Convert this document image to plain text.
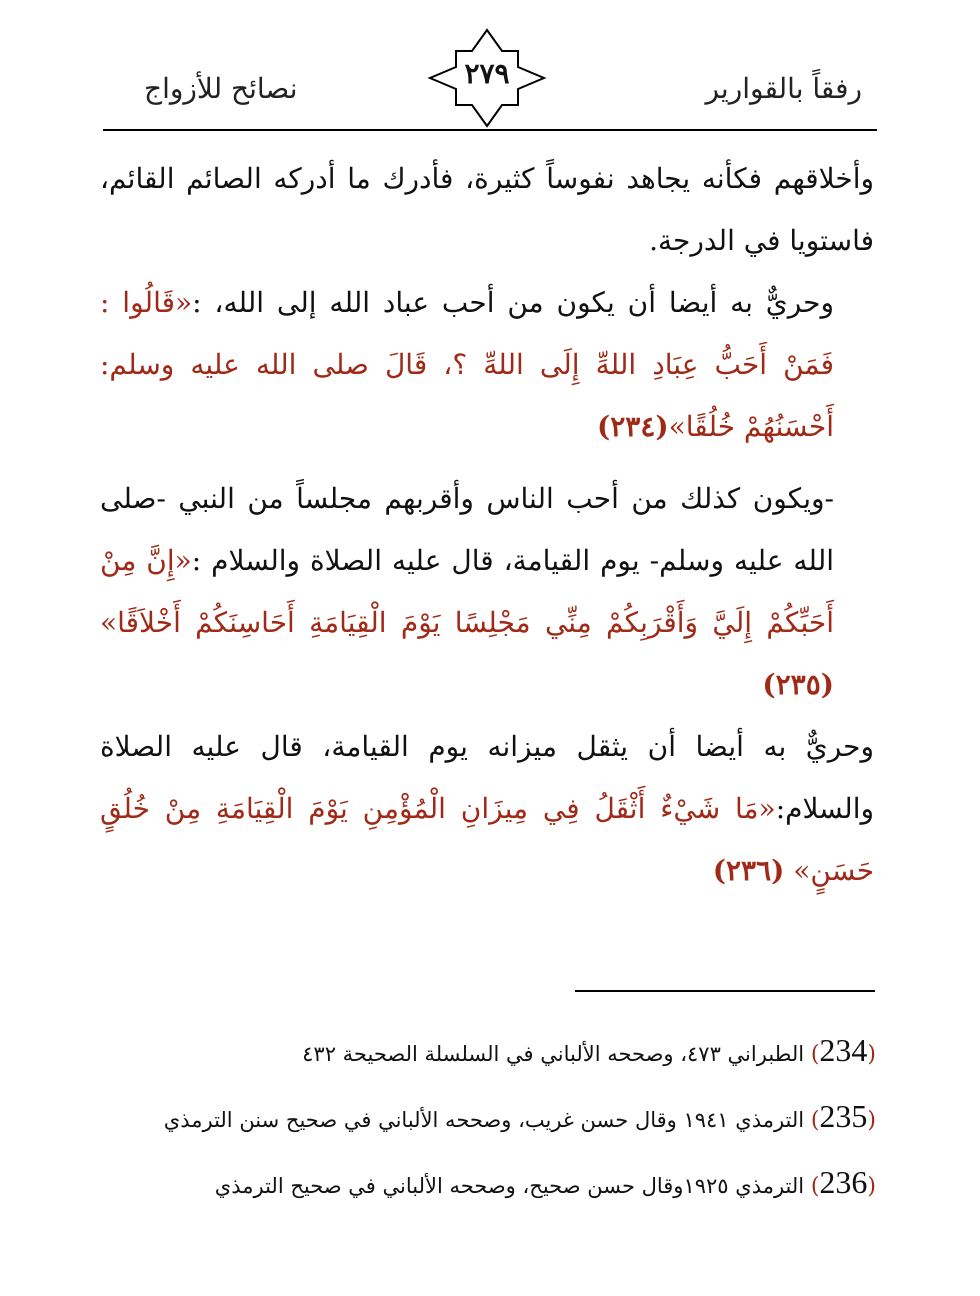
رفقاً بالقوارير
٢٧٩
نصائح للأزواج

وأخلاقهم فكأنه يجاهد نفوساً كثيرة، فأدرك ما أدركه الصائم القائم، فاستويا في الدرجة.

وحريٌّ به أيضا أن يكون من أحب عباد الله إلى الله، :«قَالُوا : فَمَنْ أَحَبُّ عِبَادِ اللهِّ إِلَى اللهِّ ؟، قَالَ صلى الله عليه وسلم: أَحْسَنُهُمْ خُلُقًا»(٢٣٤)

-ويكون كذلك من أحب الناس وأقربهم مجلساً من النبي -صلى الله عليه وسلم- يوم القيامة، قال عليه الصلاة والسلام :«إِنَّ مِنْ أَحَبِّكُمْ إِلَيَّ وَأَقْرَبِكُمْ مِنِّي مَجْلِسًا يَوْمَ الْقِيَامَةِ أَحَاسِنَكُمْ أَخْلاَقًا» (٢٣٥)

وحريٌّ به أيضا أن يثقل ميزانه يوم القيامة، قال عليه الصلاة والسلام:«مَا شَيْءٌ أَثْقَلُ فِي مِيزَانِ الْمُؤْمِنِ يَوْمَ الْقِيَامَةِ مِنْ خُلُقٍ حَسَنٍ» (٢٣٦)

(234) الطبراني ٤٧٣، وصححه الألباني في السلسلة الصحيحة ٤٣٢
(235) الترمذي ١٩٤١ وقال حسن غريب، وصححه الألباني في صحيح سنن الترمذي
(236) الترمذي ١٩٢٥وقال حسن صحيح، وصححه الألباني في صحيح الترمذي
